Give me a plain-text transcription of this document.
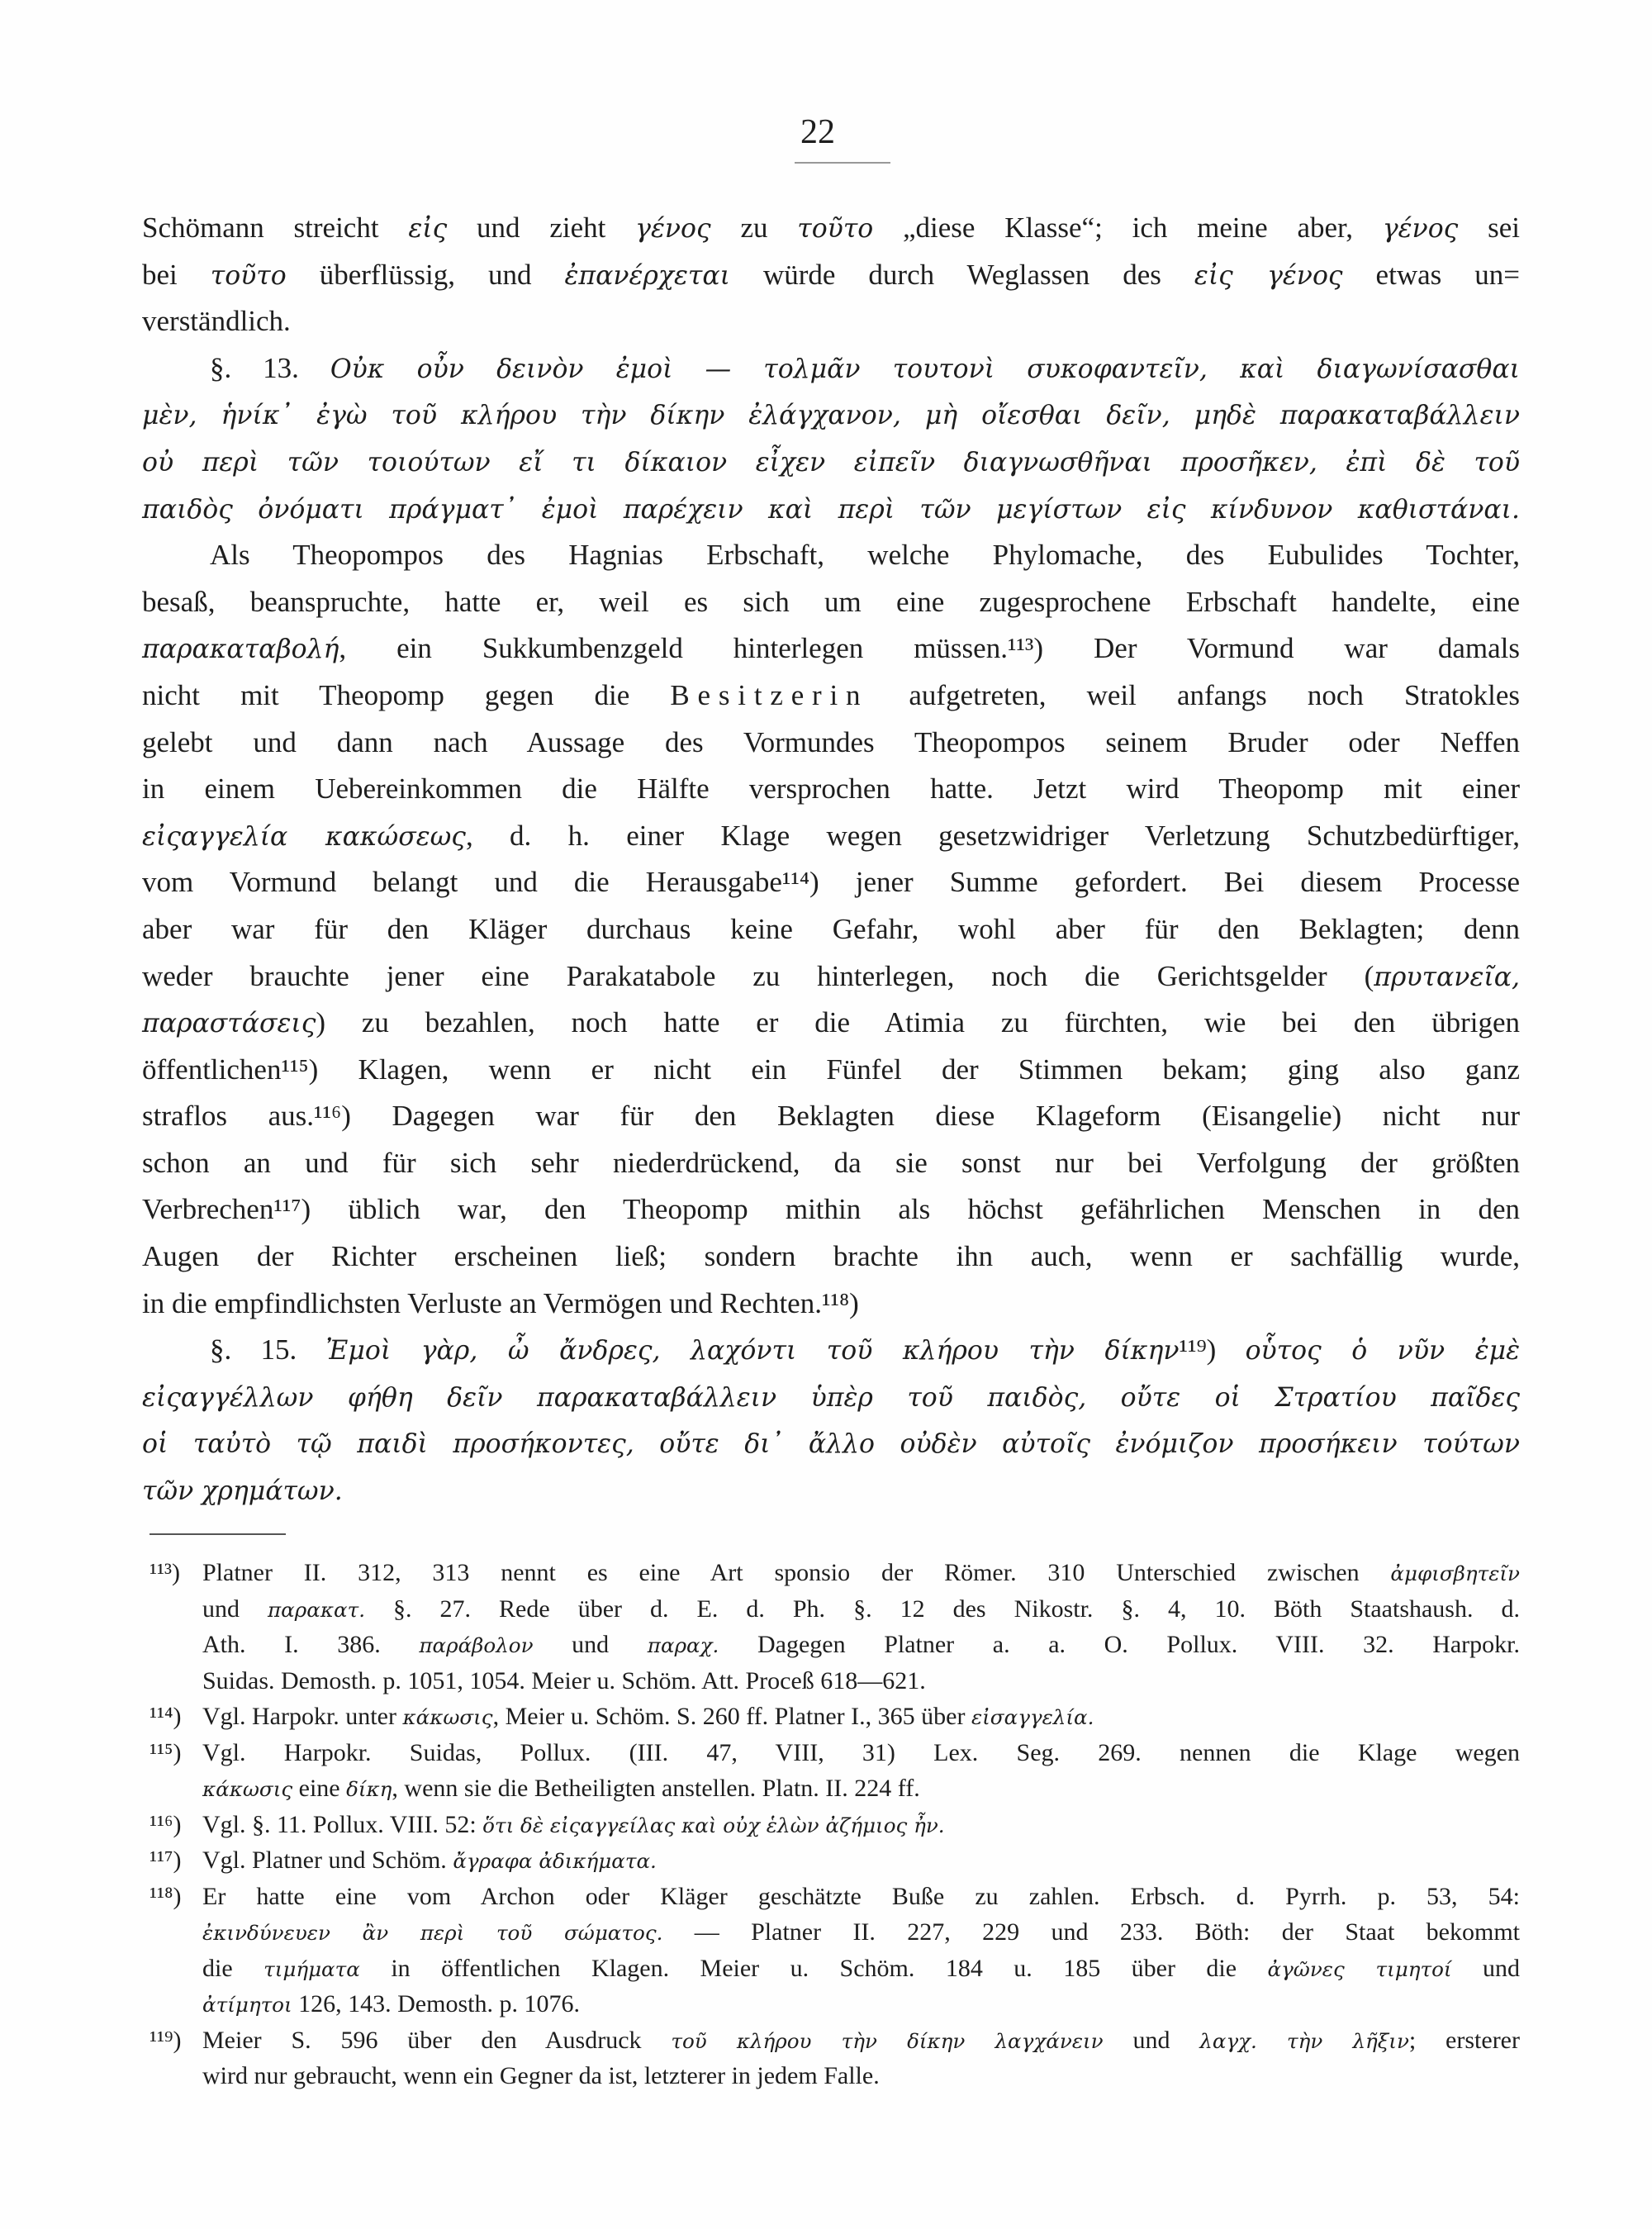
22
Schömann streicht εἰς und zieht γένος zu τοῦτο „diese Klasse“; ich meine aber, γένος sei
bei τοῦτο überflüssig, und ἐπανέρχεται würde durch Weglassen des εἰς γένος etwas un=
verständlich.
§. 13. Οὐκ οὖν δεινὸν ἐμοὶ — τολμᾶν τουτονὶ συκοφαντεῖν, καὶ διαγωνίσασθαι
μὲν, ἡνίκ᾽ ἐγὼ τοῦ κλήρου τὴν δίκην ἐλάγχανον, μὴ οἴεσθαι δεῖν, μηδὲ παρακαταβάλλειν
οὐ περὶ τῶν τοιούτων εἴ τι δίκαιον εἶχεν εἰπεῖν διαγνωσθῆναι προσῆκεν, ἐπὶ δὲ τοῦ
παιδὸς ὀνόματι πράγματ᾽ ἐμοὶ παρέχειν καὶ περὶ τῶν μεγίστων εἰς κίνδυνον καθιστάναι.
Als Theopompos des Hagnias Erbschaft, welche Phylomache, des Eubulides Tochter,
besaß, beanspruchte, hatte er, weil es sich um eine zugesprochene Erbschaft handelte, eine
παρακαταβολή, ein Sukkumbenzgeld hinterlegen müssen.¹¹³) Der Vormund war damals
nicht mit Theopomp gegen die Besitzerin aufgetreten, weil anfangs noch Stratokles
gelebt und dann nach Aussage des Vormundes Theopompos seinem Bruder oder Neffen
in einem Uebereinkommen die Hälfte versprochen hatte. Jetzt wird Theopomp mit einer
εἰςαγγελία κακώσεως, d. h. einer Klage wegen gesetzwidriger Verletzung Schutzbedürftiger,
vom Vormund belangt und die Herausgabe¹¹⁴) jener Summe gefordert. Bei diesem Processe
aber war für den Kläger durchaus keine Gefahr, wohl aber für den Beklagten; denn
weder brauchte jener eine Parakatabole zu hinterlegen, noch die Gerichtsgelder (πρυτανεῖα,
παραστάσεις) zu bezahlen, noch hatte er die Atimia zu fürchten, wie bei den übrigen
öffentlichen¹¹⁵) Klagen, wenn er nicht ein Fünfel der Stimmen bekam; ging also ganz
straflos aus.¹¹⁶) Dagegen war für den Beklagten diese Klageform (Eisangelie) nicht nur
schon an und für sich sehr niederdrückend, da sie sonst nur bei Verfolgung der größten
Verbrechen¹¹⁷) üblich war, den Theopomp mithin als höchst gefährlichen Menschen in den
Augen der Richter erscheinen ließ; sondern brachte ihn auch, wenn er sachfällig wurde,
in die empfindlichsten Verluste an Vermögen und Rechten.¹¹⁸)
§. 15. Ἐμοὶ γὰρ, ὦ ἄνδρες, λαχόντι τοῦ κλήρου τὴν δίκην¹¹⁹) οὗτος ὁ νῦν ἐμὲ
εἰςαγγέλλων φήθη δεῖν παρακαταβάλλειν ὑπὲρ τοῦ παιδὸς, οὔτε οἱ Στρατίου παῖδες
οἱ ταὐτὸ τῷ παιδὶ προσήκοντες, οὔτε δι᾽ ἄλλο οὐδὲν αὐτοῖς ἐνόμιζον προσήκειν τούτων
τῶν χρημάτων.
¹¹³) Platner II. 312, 313 nennt es eine Art sponsio der Römer. 310 Unterschied zwischen ἀμφισβητεῖν
und παρακατ. §. 27. Rede über d. E. d. Ph. §. 12 des Nikostr. §. 4, 10. Böth Staatshaush. d.
Ath. I. 386. παράβολον und παραχ. Dagegen Platner a. a. O. Pollux. VIII. 32. Harpokr.
Suidas. Demosth. p. 1051, 1054. Meier u. Schöm. Att. Proceß 618—621.
¹¹⁴) Vgl. Harpokr. unter κάκωσις, Meier u. Schöm. S. 260 ff. Platner I., 365 über εἰσαγγελία.
¹¹⁵) Vgl. Harpokr. Suidas, Pollux. (III. 47, VIII, 31) Lex. Seg. 269. nennen die Klage wegen
κάκωσις eine δίκη, wenn sie die Betheiligten anstellen. Platn. II. 224 ff.
¹¹⁶) Vgl. §. 11. Pollux. VIII. 52: ὅτι δὲ εἰςαγγείλας καὶ οὐχ ἑλὼν ἀζήμιος ἦν.
¹¹⁷) Vgl. Platner und Schöm. ἄγραφα ἀδικήματα.
¹¹⁸) Er hatte eine vom Archon oder Kläger geschätzte Buße zu zahlen. Erbsch. d. Pyrrh. p. 53, 54:
ἐκινδύνευεν ἂν περὶ τοῦ σώματος. — Platner II. 227, 229 und 233. Böth: der Staat bekommt
die τιμήματα in öffentlichen Klagen. Meier u. Schöm. 184 u. 185 über die ἀγῶνες τιμητοί und
ἀτίμητοι 126, 143. Demosth. p. 1076.
¹¹⁹) Meier S. 596 über den Ausdruck τοῦ κλήρου τὴν δίκην λαγχάνειν und λαγχ. τὴν λῆξιν; ersterer
wird nur gebraucht, wenn ein Gegner da ist, letzterer in jedem Falle.
